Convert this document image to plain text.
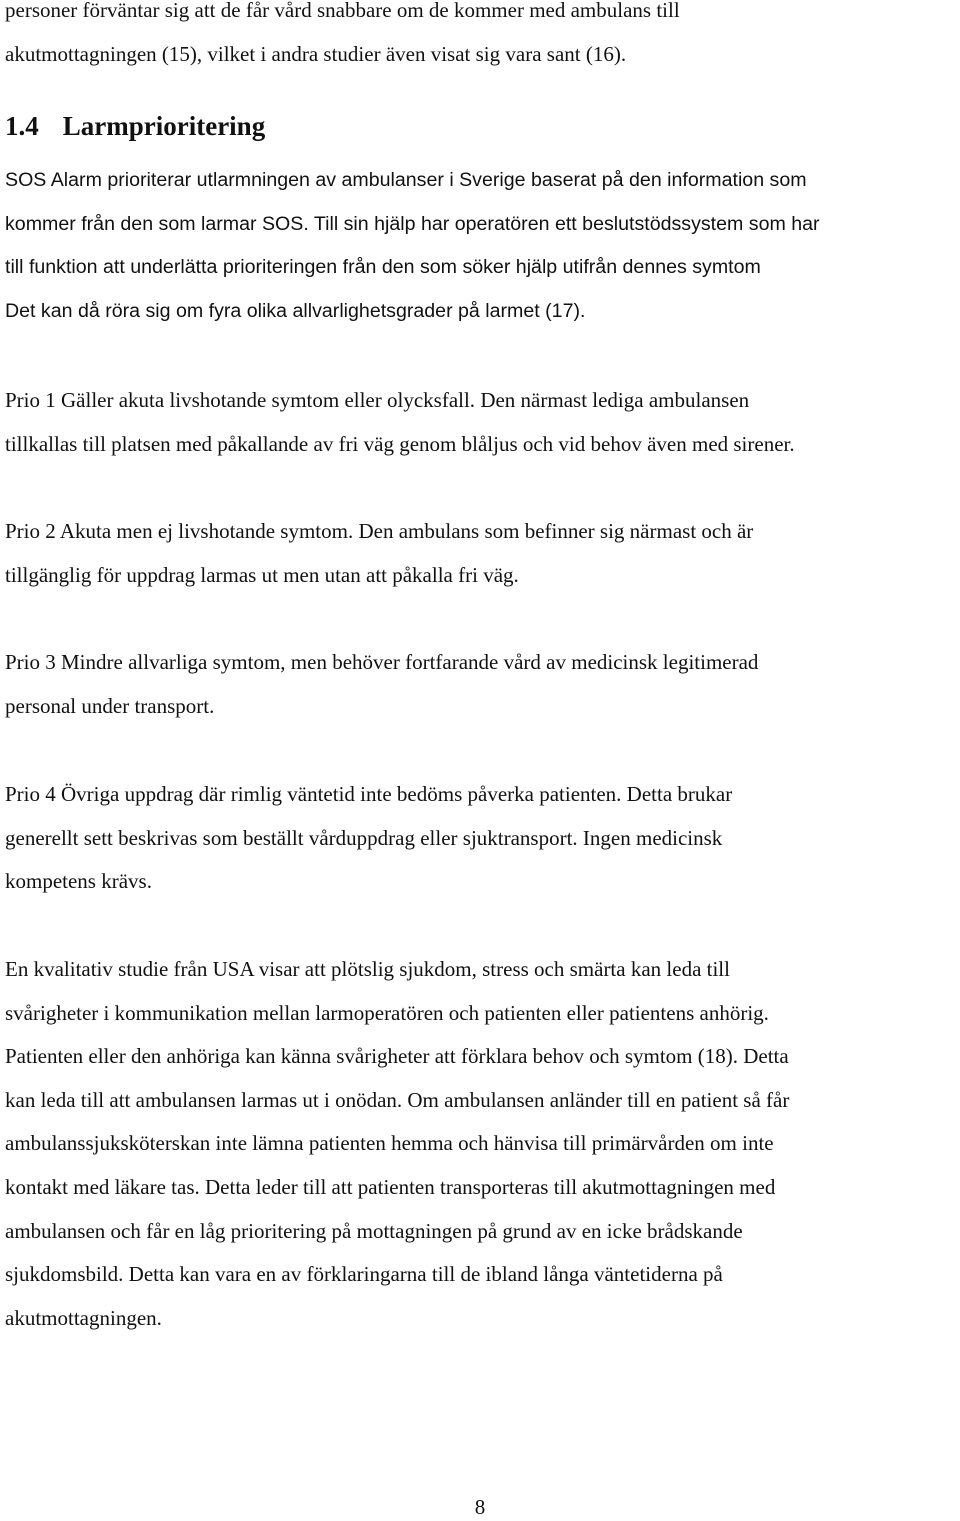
personer förväntar sig att de får vård snabbare om de kommer med ambulans till
akutmottagningen (15), vilket i andra studier även visat sig vara sant (16).

1.4 Larmprioritering

SOS Alarm prioriterar utlarmningen av ambulanser i Sverige baserat på den information som
kommer från den som larmar SOS. Till sin hjälp har operatören ett beslutstödssystem som har
till funktion att underlätta prioriteringen från den som söker hjälp utifrån dennes symtom
Det kan då röra sig om fyra olika allvarlighetsgrader på larmet (17).

Prio 1 Gäller akuta livshotande symtom eller olycksfall. Den närmast lediga ambulansen
tillkallas till platsen med påkallande av fri väg genom blåljus och vid behov även med sirener.

Prio 2 Akuta men ej livshotande symtom. Den ambulans som befinner sig närmast och är
tillgänglig för uppdrag larmas ut men utan att påkalla fri väg.

Prio 3 Mindre allvarliga symtom, men behöver fortfarande vård av medicinsk legitimerad
personal under transport.

Prio 4 Övriga uppdrag där rimlig väntetid inte bedöms påverka patienten. Detta brukar
generellt sett beskrivas som beställt vårduppdrag eller sjuktransport. Ingen medicinsk
kompetens krävs.

En kvalitativ studie från USA visar att plötslig sjukdom, stress och smärta kan leda till
svårigheter i kommunikation mellan larmoperatören och patienten eller patientens anhörig.
Patienten eller den anhöriga kan känna svårigheter att förklara behov och symtom (18). Detta
kan leda till att ambulansen larmas ut i onödan. Om ambulansen anländer till en patient så får
ambulanssjuksköterskan inte lämna patienten hemma och hänvisa till primärvården om inte
kontakt med läkare tas. Detta leder till att patienten transporteras till akutmottagningen med
ambulansen och får en låg prioritering på mottagningen på grund av en icke brådskande
sjukdomsbild. Detta kan vara en av förklaringarna till de ibland långa väntetiderna på
akutmottagningen.

8
